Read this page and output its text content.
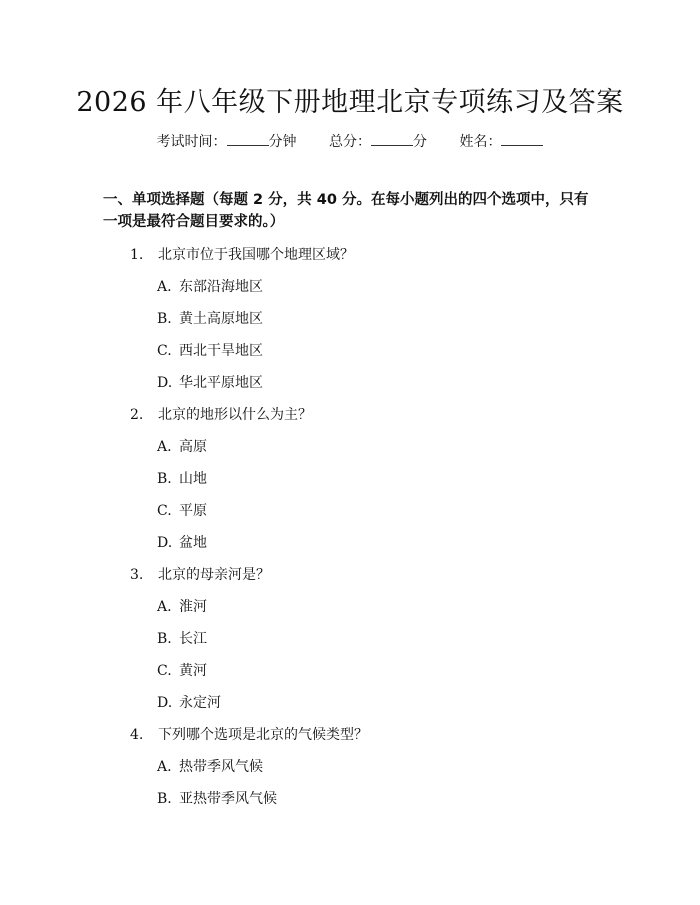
2026 年八年级下册地理北京专项练习及答案
考试时间：	分钟 总分：	分 姓名：
一、单项选择题（每题 2 分，共 40 分。在每小题列出的四个选项中，只有一项是最符合题目要求的。）
1. 北京市位于我国哪个地理区域？
A. 东部沿海地区
B. 黄土高原地区
C. 西北干旱地区
D. 华北平原地区
2. 北京的地形以什么为主？
A. 高原
B. 山地
C. 平原
D. 盆地
3. 北京的母亲河是？
A. 淮河
B. 长江
C. 黄河
D. 永定河
4. 下列哪个选项是北京的气候类型？
A. 热带季风气候
B. 亚热带季风气候
